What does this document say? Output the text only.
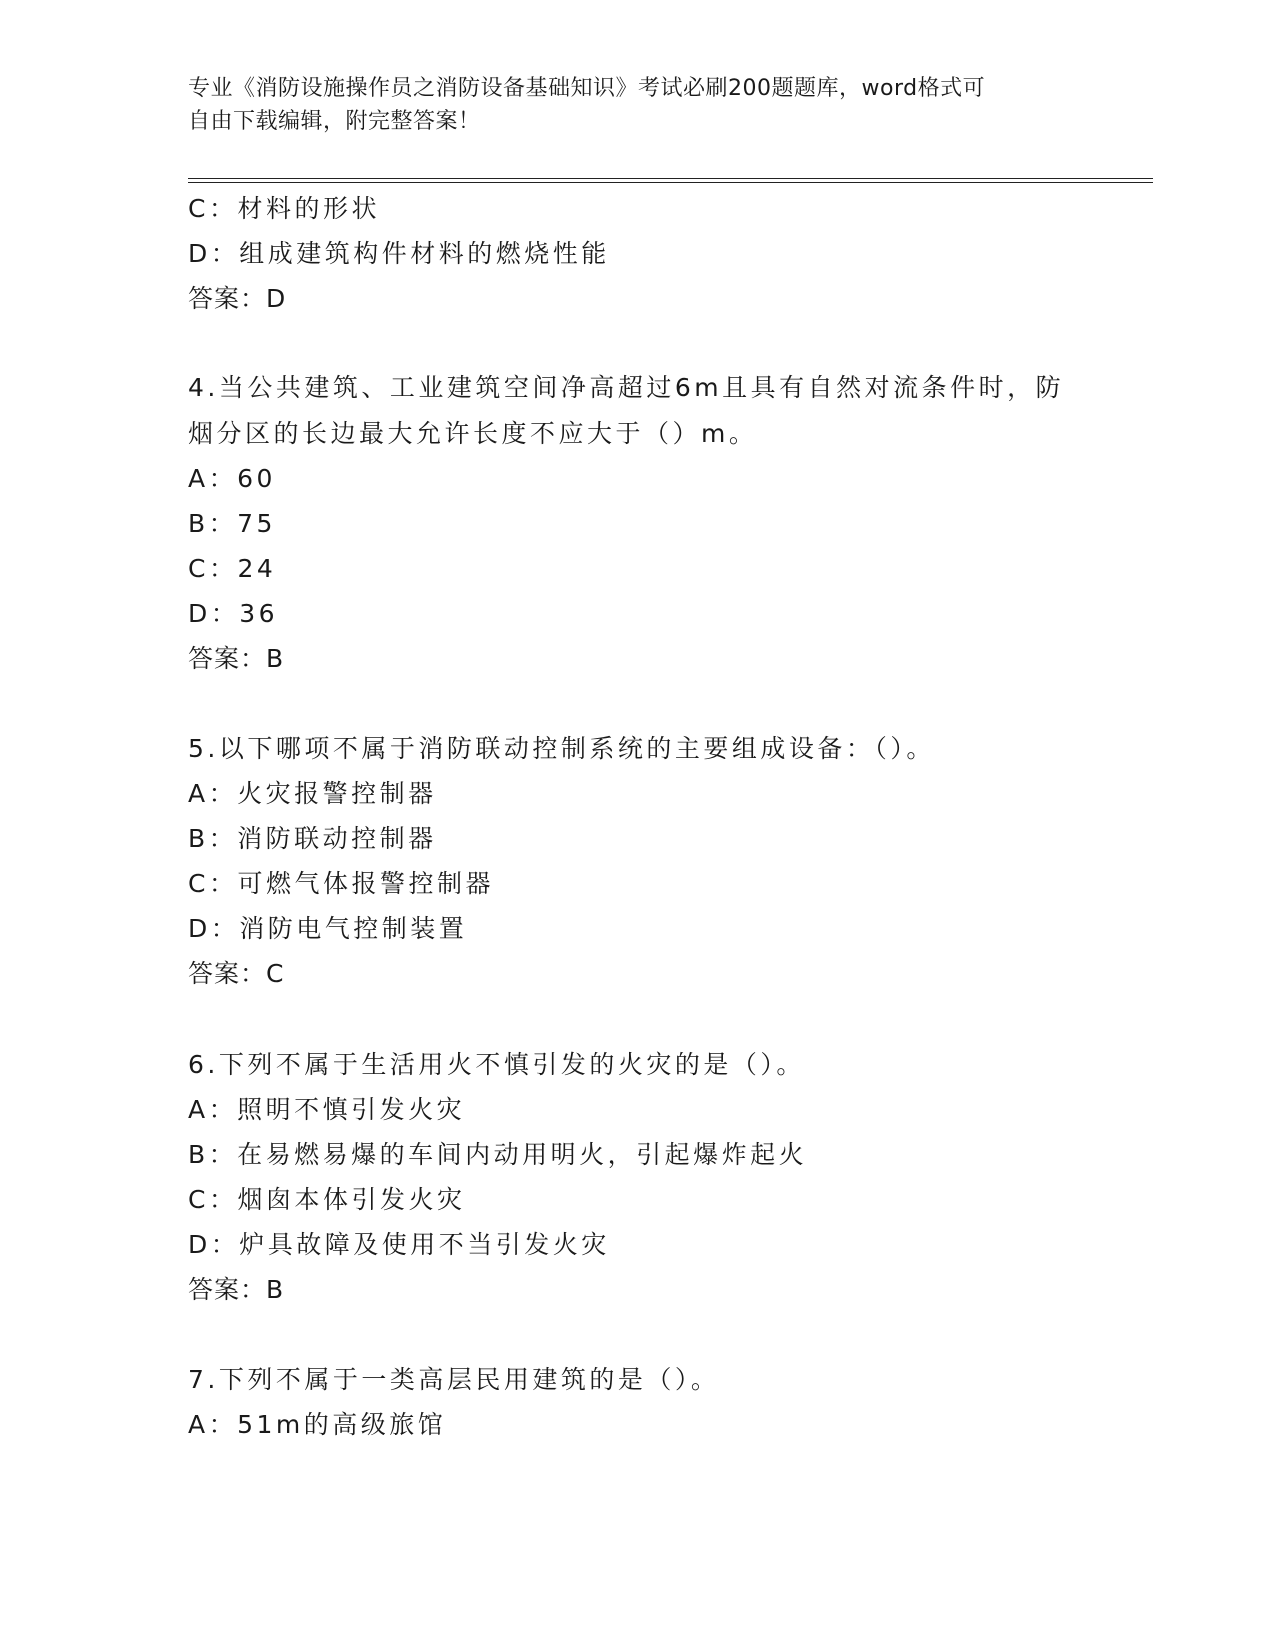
专业《消防设施操作员之消防设备基础知识》考试必刷200题题库，word格式可
自由下载编辑，附完整答案！
C：材料的形状
D：组成建筑构件材料的燃烧性能
答案：D
4.当公共建筑、工业建筑空间净高超过6m且具有自然对流条件时，防
烟分区的长边最大允许长度不应大于（）m。
A：60
B：75
C：24
D：36
答案：B
5.以下哪项不属于消防联动控制系统的主要组成设备：（）。
A：火灾报警控制器
B：消防联动控制器
C：可燃气体报警控制器
D：消防电气控制装置
答案：C
6.下列不属于生活用火不慎引发的火灾的是（）。
A：照明不慎引发火灾
B：在易燃易爆的车间内动用明火，引起爆炸起火
C：烟囱本体引发火灾
D：炉具故障及使用不当引发火灾
答案：B
7.下列不属于一类高层民用建筑的是（）。
A：51m的高级旅馆
